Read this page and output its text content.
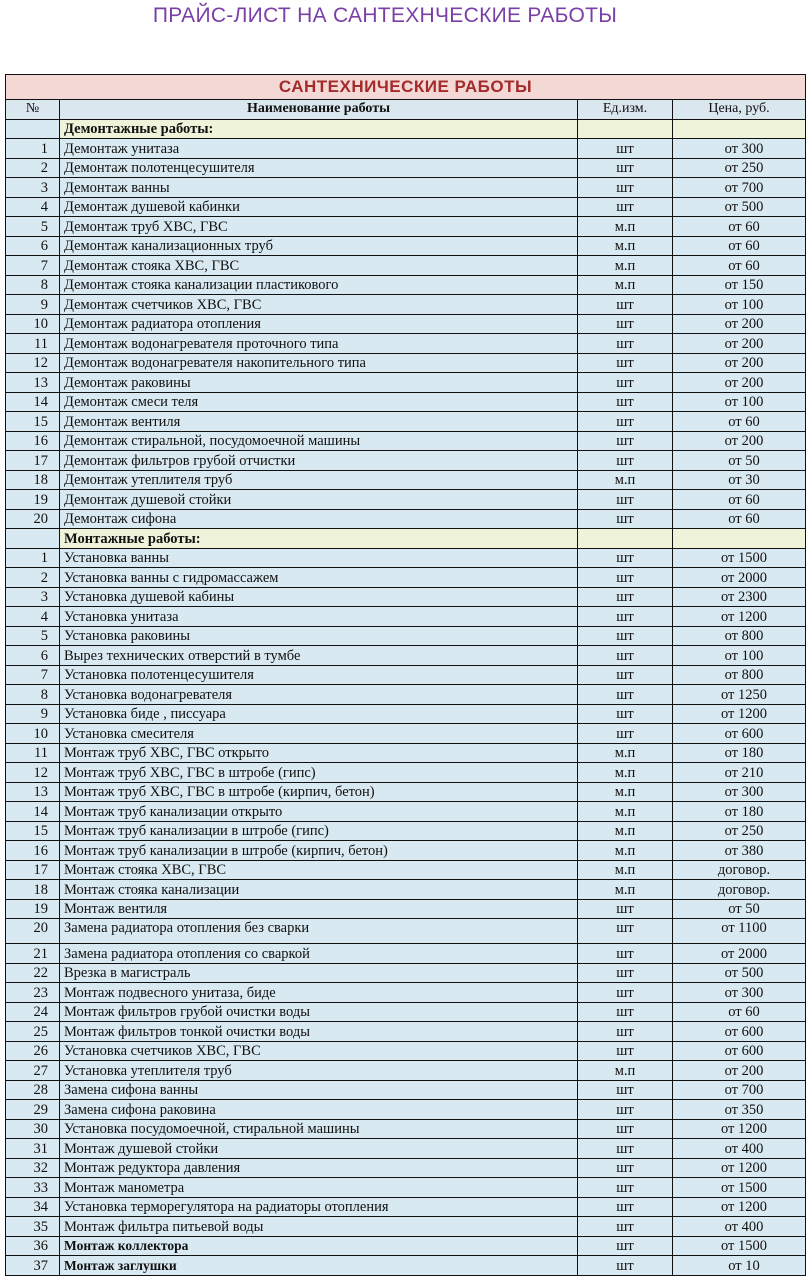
ПРАЙС-ЛИСТ НА САНТЕХНЧЕСКИЕ РАБОТЫ
САНТЕХНИЧЕСКИЕ РАБОТЫ			
№	Наименование работы	Ед.изм.	Цена, руб.
	Демонтажные работы:		
1	Демонтаж унитаза	шт	от 300
2	Демонтаж полотенцесушителя	шт	от 250
3	Демонтаж ванны	шт	от 700
4	Демонтаж душевой кабинки	шт	от 500
5	Демонтаж труб ХВС, ГВС	м.п	от 60
6	Демонтаж канализационных труб	м.п	от 60
7	Демонтаж стояка ХВС, ГВС	м.п	от 60
8	Демонтаж стояка канализации пластикового	м.п	от 150
9	Демонтаж счетчиков ХВС, ГВС	шт	от 100
10	Демонтаж радиатора отопления	шт	от 200
11	Демонтаж водонагревателя проточного типа	шт	от 200
12	Демонтаж водонагревателя накопительного типа	шт	от 200
13	Демонтаж раковины	шт	от 200
14	Демонтаж смеси теля	шт	от 100
15	Демонтаж вентиля	шт	от 60
16	Демонтаж стиральной, посудомоечной машины	шт	от 200
17	Демонтаж фильтров грубой отчистки	шт	от 50
18	Демонтаж утеплителя труб	м.п	от 30
19	Демонтаж душевой стойки	шт	от 60
20	Демонтаж сифона	шт	от 60
	Монтажные работы:		
1	Установка ванны	шт	от 1500
2	Установка ванны с гидромассажем	шт	от 2000
3	Установка душевой кабины	шт	от 2300
4	Установка унитаза	шт	от 1200
5	Установка раковины	шт	от 800
6	Вырез технических отверстий в тумбе	шт	от 100
7	Установка полотенцесушителя	шт	от 800
8	Установка водонагревателя	шт	от 1250
9	Установка биде , писсуара	шт	от 1200
10	Установка смесителя	шт	от 600
11	Монтаж труб ХВС, ГВС открыто	м.п	от 180
12	Монтаж труб ХВС, ГВС в штробе (гипс)	м.п	от 210
13	Монтаж труб ХВС, ГВС в штробе (кирпич, бетон)	м.п	от 300
14	Монтаж труб канализации открыто	м.п	от 180
15	Монтаж труб канализации в штробе (гипс)	м.п	от 250
16	Монтаж труб канализации в штробе (кирпич, бетон)	м.п	от 380
17	Монтаж стояка ХВС, ГВС	м.п	договор.
18	Монтаж стояка канализации	м.п	договор.
19	Монтаж вентиля	шт	от 50
20	Замена радиатора отопления без сварки	шт	от 1100
21	Замена радиатора отопления со сваркой	шт	от 2000
22	Врезка в магистраль	шт	от 500
23	Монтаж подвесного унитаза, биде	шт	от 300
24	Монтаж фильтров грубой очистки воды	шт	от 60
25	Монтаж фильтров тонкой очистки воды	шт	от 600
26	Установка счетчиков ХВС, ГВС	шт	от 600
27	Установка утеплителя труб	м.п	от 200
28	Замена сифона ванны	шт	от 700
29	Замена сифона раковина	шт	от 350
30	Установка посудомоечной, стиральной машины	шт	от 1200
31	Монтаж душевой стойки	шт	от 400
32	Монтаж редуктора давления	шт	от 1200
33	Монтаж манометра	шт	от 1500
34	Установка терморегулятора на радиаторы отопления	шт	от 1200
35	Монтаж фильтра питьевой воды	шт	от 400
36	Монтаж коллектора	шт	от 1500
37	Монтаж заглушки	шт	от 10
